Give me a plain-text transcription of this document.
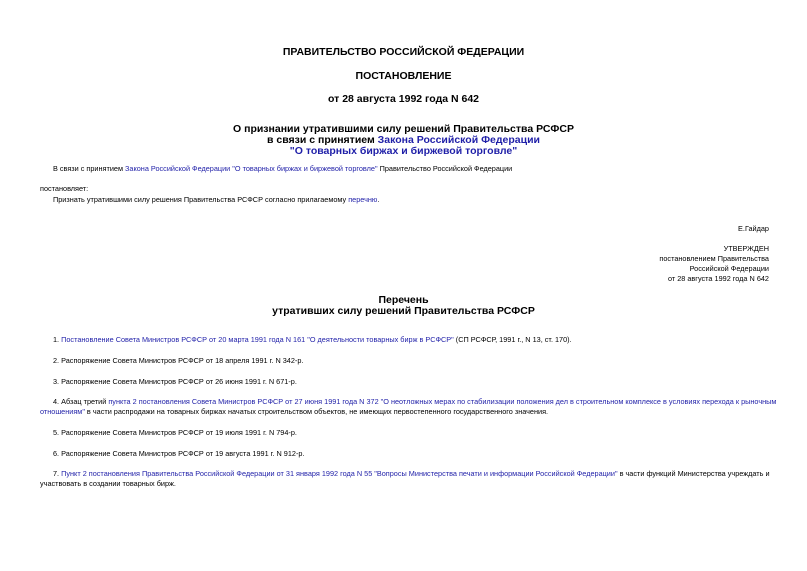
ПРАВИТЕЛЬСТВО РОССИЙСКОЙ ФЕДЕРАЦИИ
ПОСТАНОВЛЕНИЕ
от 28 августа 1992 года N 642
О признании утратившими силу решений Правительства РСФСР
в связи с принятием Закона Российской Федерации
"О товарных биржах и биржевой торговле"
В связи с принятием Закона Российской Федерации "О товарных биржах и биржевой торговле" Правительство Российской Федерации
постановляет:
Признать утратившими силу решения Правительства РСФСР согласно прилагаемому перечню.
Е.Гайдар
УТВЕРЖДЕН
постановлением Правительства
Российской Федерации
от 28 августа 1992 года N 642
Перечень
утративших силу решений Правительства РСФСР
1. Постановление Совета Министров РСФСР от 20 марта 1991 года N 161 "О деятельности товарных бирж в РСФСР" (СП РСФСР, 1991 г., N 13, ст. 170).
2. Распоряжение Совета Министров РСФСР от 18 апреля 1991 г. N 342-р.
3. Распоряжение Совета Министров РСФСР от 26 июня 1991 г. N 671-р.
4. Абзац третий пункта 2 постановления Совета Министров РСФСР от 27 июня 1991 года N 372 "О неотложных мерах по стабилизации положения дел в строительном комплексе в условиях перехода к рыночным
отношениям" в части распродажи на товарных биржах начатых строительством объектов, не имеющих первостепенного государственного значения.
5. Распоряжение Совета Министров РСФСР от 19 июля 1991 г. N 794-р.
6. Распоряжение Совета Министров РСФСР от 19 августа 1991 г. N 912-р.
7. Пункт 2 постановления Правительства Российской Федерации от 31 января 1992 года N 55 "Вопросы Министерства печати и информации Российской Федерации" в части функций Министерства учреждать и
участвовать в создании товарных бирж.
